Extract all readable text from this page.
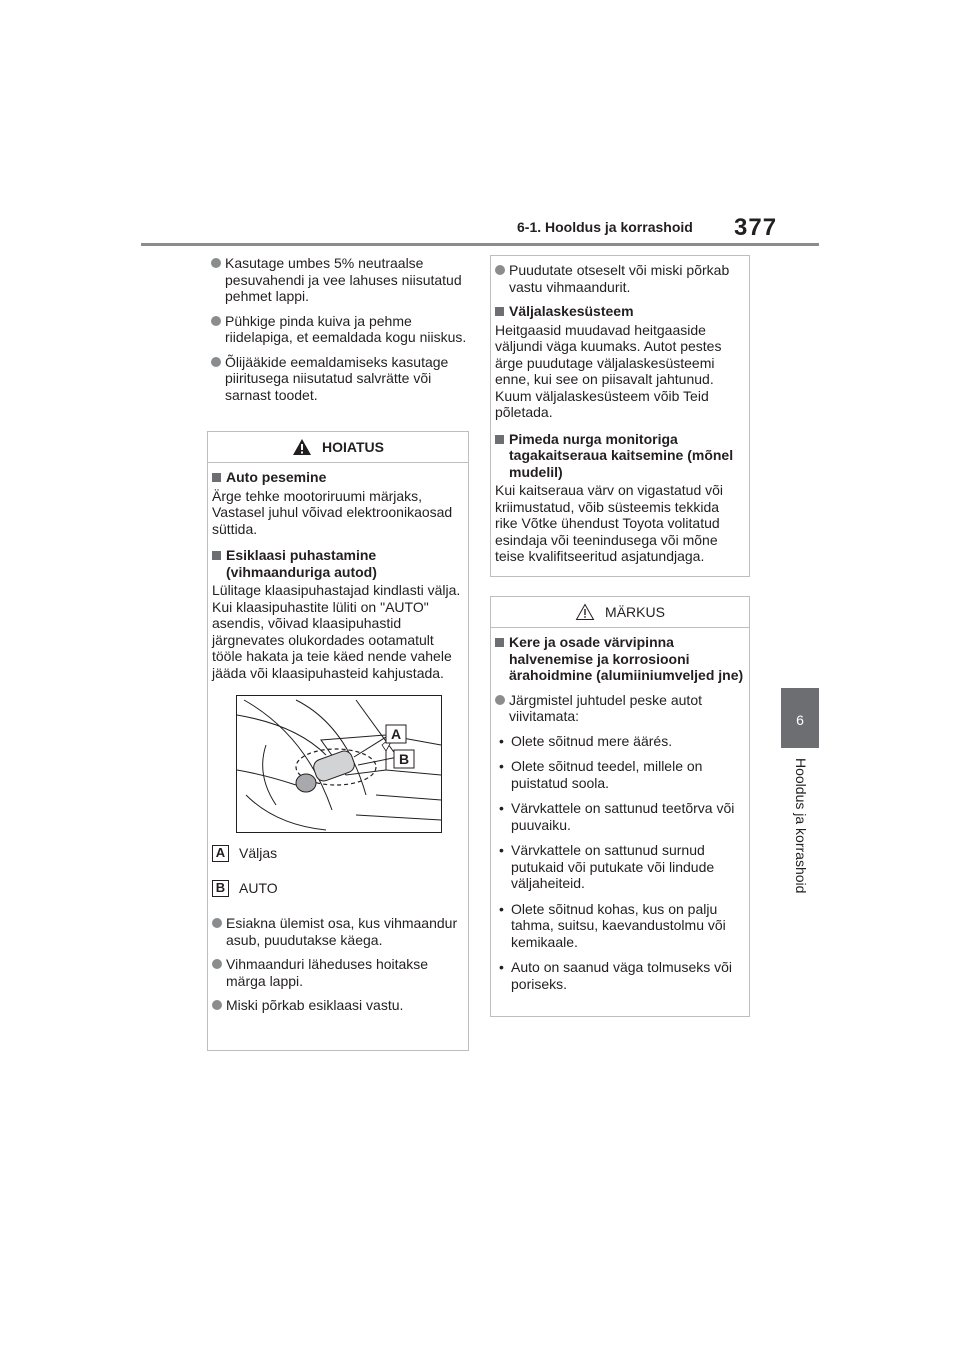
6-1. Hooldus ja korrashoid 377
6
Hooldus ja korrashoid
Kasutage umbes 5% neutraalse pesuvahendi ja vee lahuses niisutatud pehmet lappi.
Pühkige pinda kuiva ja pehme riidelapiga, et eemaldada kogu niiskus.
Õlijääkide eemaldamiseks kasutage piiritusega niisutatud salvrätte või sarnast toodet.
HOIATUS
Auto pesemine
Ärge tehke mootoriruumi märjaks, Vastasel juhul võivad elektroonikaosad süttida.
Esiklaasi puhastamine (vihmaanduriga autod)
Lülitage klaasipuhastajad kindlasti välja. Kui klaasipuhastite lüliti on "AUTO" asendis, võivad klaasipuhastid järgnevates olukordades ootamatult tööle hakata ja teie käed nende vahele jääda või klaasipuhasteid kahjustada.
A
B
A Väljas
B AUTO
Esiakna ülemist osa, kus vihmaandur asub, puudutakse käega.
Vihmaanduri läheduses hoitakse märga lappi.
Miski põrkab esiklaasi vastu.
Puudutate otseselt või miski põrkab vastu vihmaandurit.
Väljalaskesüsteem
Heitgaasid muudavad heitgaaside väljundi väga kuumaks. Autot pestes ärge puudutage väljalaskesüsteemi enne, kui see on piisavalt jahtunud. Kuum väljalaskesüsteem võib Teid põletada.
Pimeda nurga monitoriga tagakaitseraua kaitsemine (mõnel mudelil)
Kui kaitseraua värv on vigastatud või kriimustatud, võib süsteemis tekkida rike Võtke ühendust Toyota volitatud esindaja või teenindusega või mõne teise kvalifitseeritud asjatundjaga.
MÄRKUS
Kere ja osade värvipinna halvenemise ja korrosiooni ärahoidmine (alumiiniumveljed jne)
Järgmistel juhtudel peske autot viivitamata:
• Olete sõitnud mere äärés.
• Olete sõitnud teedel, millele on puistatud soola.
• Värvkattele on sattunud teetõrva või puuvaiku.
• Värvkattele on sattunud surnud putukaid või putukate või lindude väljaheiteid.
• Olete sõitnud kohas, kus on palju tahma, suitsu, kaevandustolmu või kemikaale.
• Auto on saanud väga tolmuseks või poriseks.
